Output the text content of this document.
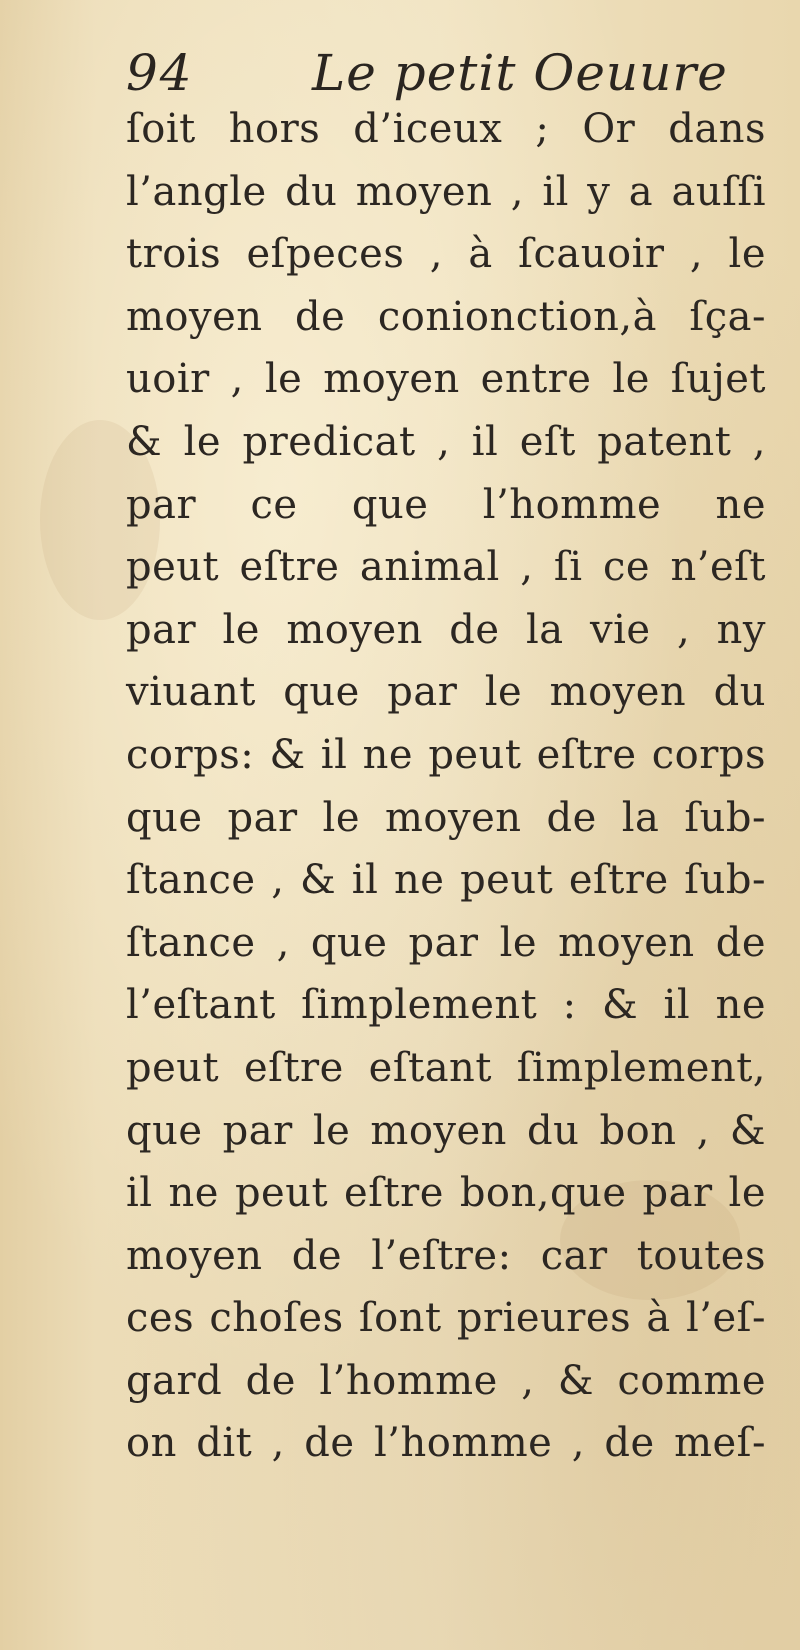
94 Le petit Oeuure
ſoit hors d’iceux ; Or dans
l’angle du moyen , il y a auſſi
trois eſpeces , à ſcauoir , le
moyen de conionction,à ſça-
uoir , le moyen entre le ſujet
& le predicat , il eſt patent ,
par ce que l’homme ne
peut eſtre animal , ſi ce n’eſt
par le moyen de la vie , ny
viuant que par le moyen du
corps: & il ne peut eſtre corps
que par le moyen de la ſub-
ſtance , & il ne peut eſtre ſub-
ſtance , que par le moyen de
l’eſtant ſimplement : & il ne
peut eſtre eſtant ſimplement,
que par le moyen du bon , &
il ne peut eſtre bon,que par le
moyen de l’eſtre: car toutes
ces choſes ſont prieures à l’eſ-
gard de l’homme , & comme
on dit , de l’homme , de meſ-
